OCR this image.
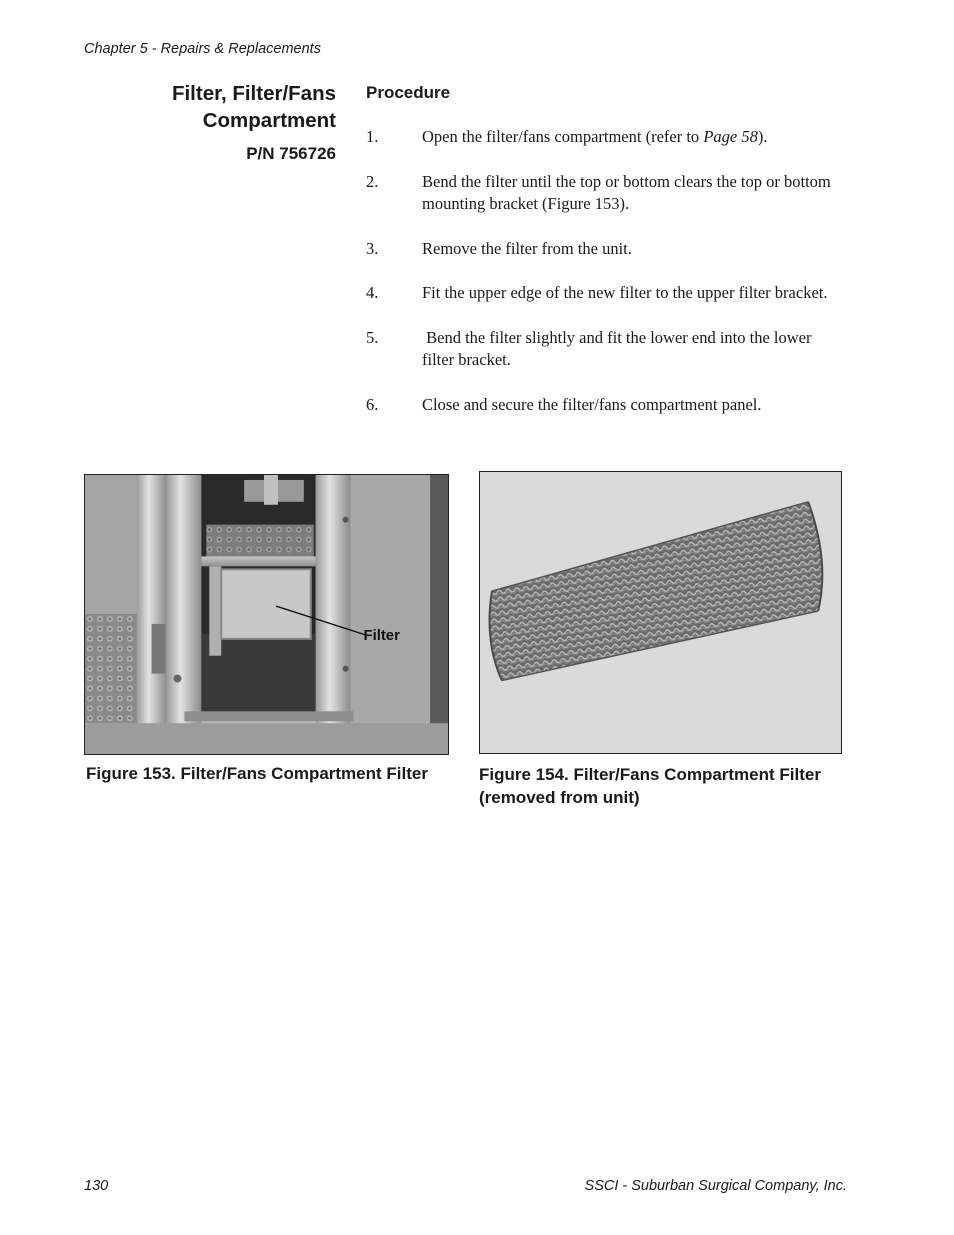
Chapter 5 - Repairs & Replacements
Filter, Filter/Fans
Compartment
P/N 756726
Procedure
1.	Open the filter/fans compartment (refer to Page 58).
2.	Bend the filter until the top or bottom clears the top or bottom mounting bracket (Figure 153).
3.	Remove the filter from the unit.
4.	Fit the upper edge of the new filter to the upper filter bracket.
5.	Bend the filter slightly and fit the lower end into the lower filter bracket.
6.	Close and secure the filter/fans compartment panel.
Filter
Figure 153. Filter/Fans Compartment Filter	Figure 154. Filter/Fans Compartment Filter (removed from unit)
130	SSCI - Suburban Surgical Company, Inc.
